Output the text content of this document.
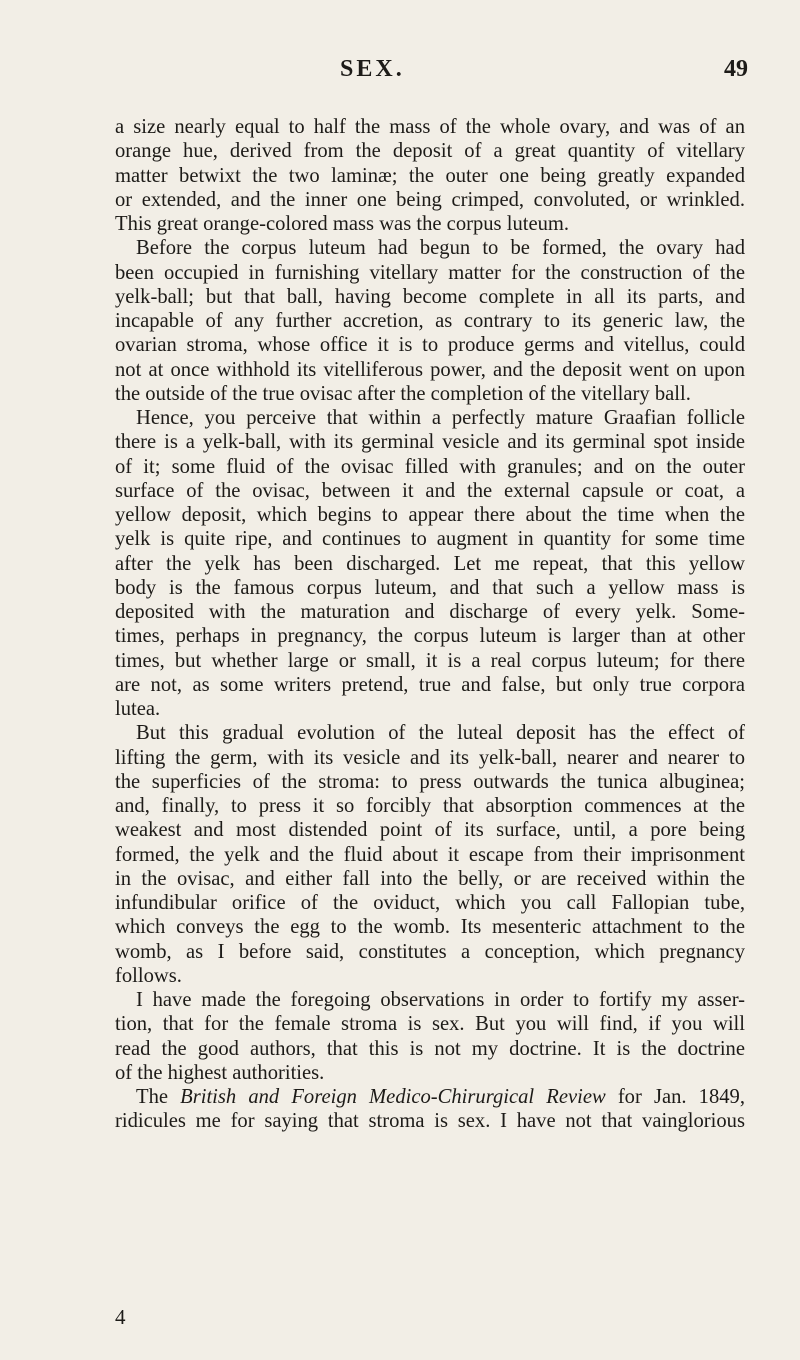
SEX.	49
a size nearly equal to half the mass of the whole ovary, and was of an
orange hue, derived from the deposit of a great quantity of vitellary
matter betwixt the two laminæ; the outer one being greatly expanded
or extended, and the inner one being crimped, convoluted, or wrinkled.
This great orange-colored mass was the corpus luteum.
Before the corpus luteum had begun to be formed, the ovary had
been occupied in furnishing vitellary matter for the construction of the
yelk-ball; but that ball, having become complete in all its parts, and
incapable of any further accretion, as contrary to its generic law, the
ovarian stroma, whose office it is to produce germs and vitellus, could
not at once withhold its vitelliferous power, and the deposit went on upon
the outside of the true ovisac after the completion of the vitellary ball.
Hence, you perceive that within a perfectly mature Graafian follicle
there is a yelk-ball, with its germinal vesicle and its germinal spot inside
of it; some fluid of the ovisac filled with granules; and on the outer
surface of the ovisac, between it and the external capsule or coat, a
yellow deposit, which begins to appear there about the time when the
yelk is quite ripe, and continues to augment in quantity for some time
after the yelk has been discharged. Let me repeat, that this yellow
body is the famous corpus luteum, and that such a yellow mass is
deposited with the maturation and discharge of every yelk. Some-
times, perhaps in pregnancy, the corpus luteum is larger than at other
times, but whether large or small, it is a real corpus luteum; for there
are not, as some writers pretend, true and false, but only true corpora
lutea.
But this gradual evolution of the luteal deposit has the effect of
lifting the germ, with its vesicle and its yelk-ball, nearer and nearer to
the superficies of the stroma: to press outwards the tunica albuginea;
and, finally, to press it so forcibly that absorption commences at the
weakest and most distended point of its surface, until, a pore being
formed, the yelk and the fluid about it escape from their imprisonment
in the ovisac, and either fall into the belly, or are received within the
infundibular orifice of the oviduct, which you call Fallopian tube,
which conveys the egg to the womb. Its mesenteric attachment to the
womb, as I before said, constitutes a conception, which pregnancy
follows.
I have made the foregoing observations in order to fortify my asser-
tion, that for the female stroma is sex. But you will find, if you will
read the good authors, that this is not my doctrine. It is the doctrine
of the highest authorities.
The British and Foreign Medico-Chirurgical Review for Jan. 1849,
ridicules me for saying that stroma is sex. I have not that vainglorious
4
